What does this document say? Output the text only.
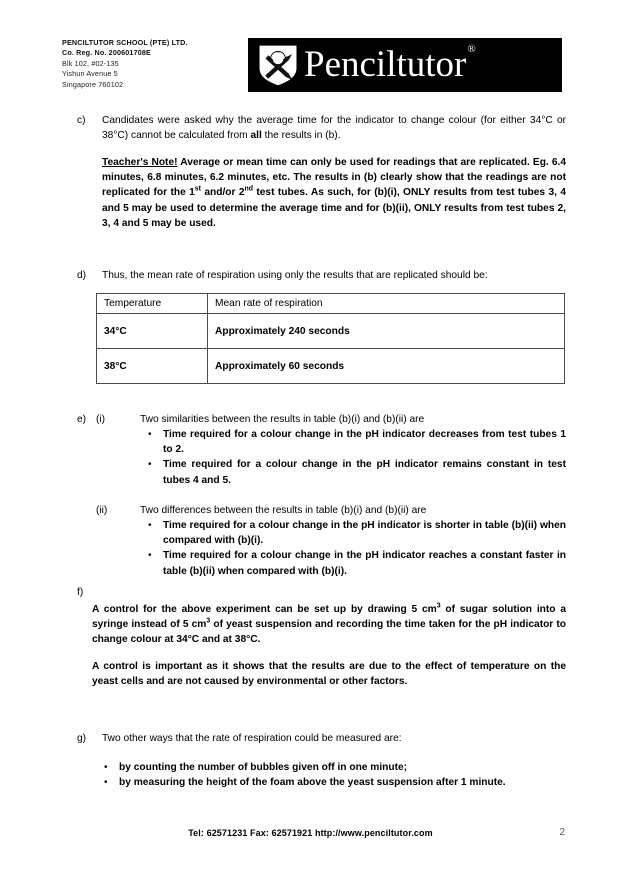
PENCILTUTOR SCHOOL (PTE) LTD.
Co. Reg. No. 200601708E
Blk 102, #02-135
Yishun Avenue 5
Singapore 760102
••• Penciltutor ®
c) Candidates were asked why the average time for the indicator to change colour (for either 34°C or 38°C) cannot be calculated from all the results in (b).
Teacher's Note! Average or mean time can only be used for readings that are replicated. Eg. 6.4 minutes, 6.8 minutes, 6.2 minutes, etc. The results in (b) clearly show that the readings are not replicated for the 1st and/or 2nd test tubes. As such, for (b)(i), ONLY results from test tubes 3, 4 and 5 may be used to determine the average time and for (b)(ii), ONLY results from test tubes 2, 3, 4 and 5 may be used.
d) Thus, the mean rate of respiration using only the results that are replicated should be:
Temperature	Mean rate of respiration
34°C	Approximately 240 seconds
38°C	Approximately 60 seconds
e) (i)	Two similarities between the results in table (b)(i) and (b)(ii) are
• Time required for a colour change in the pH indicator decreases from test tubes 1 to 2.
• Time required for a colour change in the pH indicator remains constant in test tubes 4 and 5.
(ii)	Two differences between the results in table (b)(i) and (b)(ii) are
• Time required for a colour change in the pH indicator is shorter in table (b)(ii) when compared with (b)(i).
• Time required for a colour change in the pH indicator reaches a constant faster in table (b)(ii) when compared with (b)(i).
f)
A control for the above experiment can be set up by drawing 5 $cm^3$ of sugar solution into a syringe instead of 5 $cm^3$ of yeast suspension and recording the time taken for the pH indicator to change colour at 34°C and at 38°C.
A control is important as it shows that the results are due to the effect of temperature on the yeast cells and are not caused by environmental or other factors.
g) Two other ways that the rate of respiration could be measured are:
• by counting the number of bubbles given off in one minute;
• by measuring the height of the foam above the yeast suspension after 1 minute.
Tel: 62571231 Fax: 62571921 http://www.penciltutor.com	2
